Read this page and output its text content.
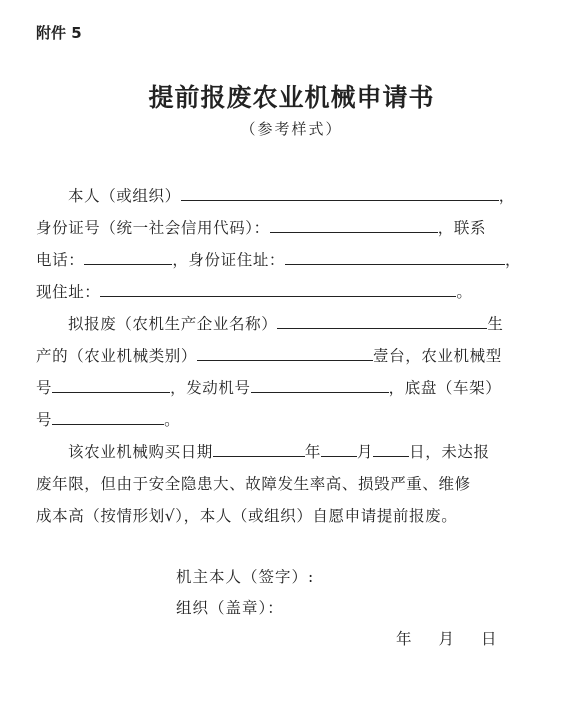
附件 5
提前报废农业机械申请书
（参考样式）
本人（或组织）	，
身份证号（统一社会信用代码）：	，联系
电话：	，身份证住址：	，
现住址：	。
拟报废（农机生产企业名称）	生
产的（农业机械类别）	壹台，农业机械型
号	，发动机号	，底盘（车架）
号	。
该农业机械购买日期	年 月 日，未达报
废年限，但由于安全隐患大、故障发生率高、损毁严重、维修
成本高（按情形划√），本人（或组织）自愿申请提前报废。
机主本人（签字）:
组织（盖章）：
年 月 日
